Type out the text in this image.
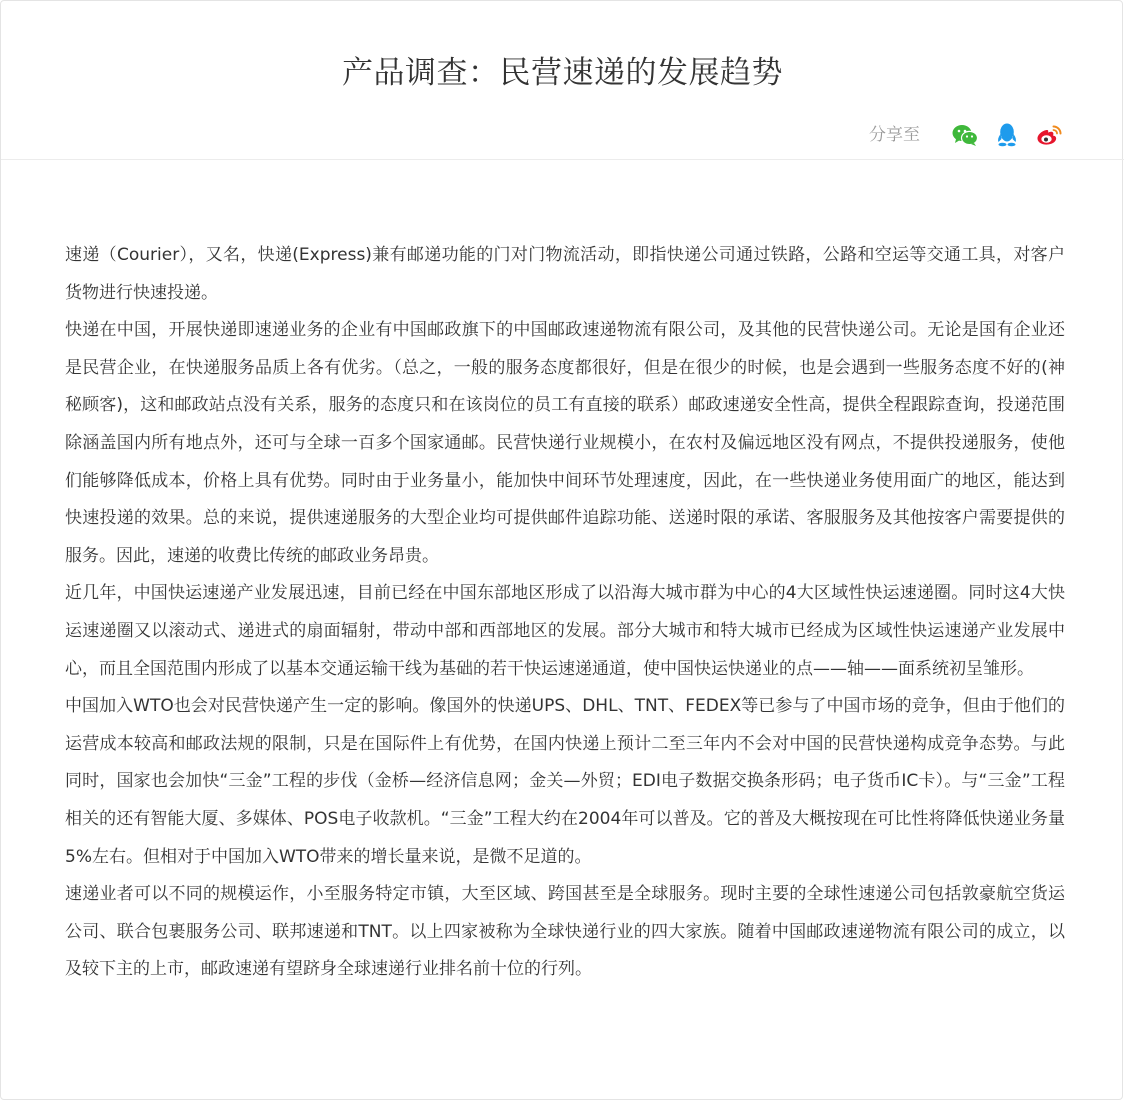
产品调查：民营速递的发展趋势
分享至

速递（Courier），又名，快递(Express)兼有邮递功能的门对门物流活动，即指快递公司通过铁路，公路和空运等交通工具，对客户货物进行快速投递。

快递在中国，开展快递即速递业务的企业有中国邮政旗下的中国邮政速递物流有限公司，及其他的民营快递公司。无论是国有企业还是民营企业，在快递服务品质上各有优劣。（总之，一般的服务态度都很好，但是在很少的时候，也是会遇到一些服务态度不好的(神秘顾客)，这和邮政站点没有关系，服务的态度只和在该岗位的员工有直接的联系）邮政速递安全性高，提供全程跟踪查询，投递范围除涵盖国内所有地点外，还可与全球一百多个国家通邮。民营快递行业规模小，在农村及偏远地区没有网点，不提供投递服务，使他们能够降低成本，价格上具有优势。同时由于业务量小，能加快中间环节处理速度，因此，在一些快递业务使用面广的地区，能达到快速投递的效果。总的来说，提供速递服务的大型企业均可提供邮件追踪功能、送递时限的承诺、客服服务及其他按客户需要提供的服务。因此，速递的收费比传统的邮政业务昂贵。

近几年，中国快运速递产业发展迅速，目前已经在中国东部地区形成了以沿海大城市群为中心的4大区域性快运速递圈。同时这4大快运速递圈又以滚动式、递进式的扇面辐射，带动中部和西部地区的发展。部分大城市和特大城市已经成为区域性快运速递产业发展中心，而且全国范围内形成了以基本交通运输干线为基础的若干快运速递通道，使中国快运快递业的点——轴——面系统初呈雏形。

中国加入WTO也会对民营快递产生一定的影响。像国外的快递UPS、DHL、TNT、FEDEX等已参与了中国市场的竞争，但由于他们的运营成本较高和邮政法规的限制，只是在国际件上有优势，在国内快递上预计二至三年内不会对中国的民营快递构成竞争态势。与此同时，国家也会加快“三金”工程的步伐（金桥—经济信息网；金关—外贸；EDI电子数据交换条形码；电子货币IC卡）。与“三金”工程相关的还有智能大厦、多媒体、POS电子收款机。“三金”工程大约在2004年可以普及。它的普及大概按现在可比性将降低快递业务量5%左右。但相对于中国加入WTO带来的增长量来说，是微不足道的。

速递业者可以不同的规模运作，小至服务特定市镇，大至区域、跨国甚至是全球服务。现时主要的全球性速递公司包括敦豪航空货运公司、联合包裹服务公司、联邦速递和TNT。以上四家被称为全球快递行业的四大家族。随着中国邮政速递物流有限公司的成立，以及较下主的上市，邮政速递有望跻身全球速递行业排名前十位的行列。
